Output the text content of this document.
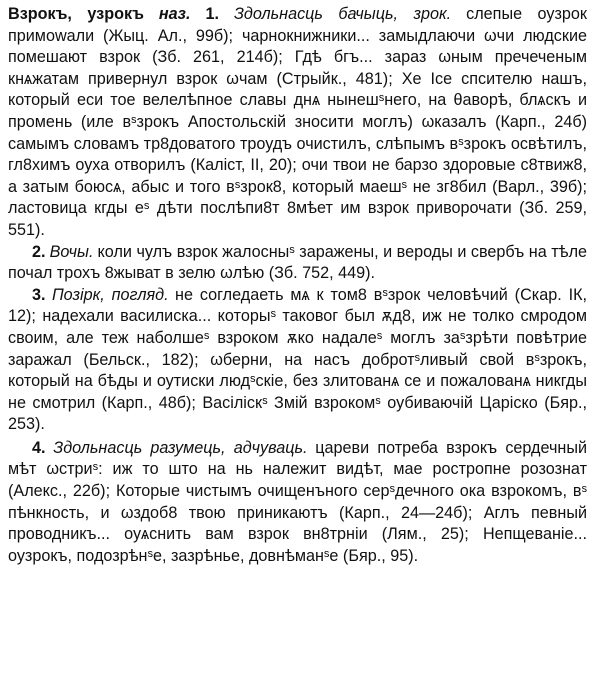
Взрокъ, узрокъ наз. 1. Здольнасць бачыць, зрок. слепые оузрок примowали (Жыц. Ал., 99б); чарнокнижники... замыдлaючи ωчи людские помешают взрок (Зб. 261, 214б); Гдѣ бгъ... зараз ωным пречеченым кнѧжатам привернул взрок ωчам (Стрыйк., 481); Хе Ісе спсителю нашъ, который еси тое велелѣпное славы днѧ нынешˢнего, на θаворѣ, блѧскъ и промень (иле вˢзрокъ Апостольскій зносити моглъ) ωказалъ (Карп., 24б) самымъ словамъ тр8доватого троудъ очистилъ, слѣпымъ вˢзрокъ освѣтилъ, гл8химъ оуха отворилъ (Каліст, II, 20); очи твои не барзо здоровые с8твиж8, а затым боюсѧ, абыс и того вˢзрок8, который маешˢ не зг8бил (Варл., 39б); ластовица кгды еˢ дѣти послѣпи8т 8мѣет им взрок приворочати (Зб. 259, 551).

2. Вочы. коли чулъ взрок жалосныˢ заражены, и вероды и свербъ на тѣле почал трохъ 8жыват в зелю ωлѣю (Зб. 752, 449).

3. Позірк, погляд. не согледаеть мѧ к том8 вˢзрок человѣчий (Скар. ІК, 12); надехали василиска... которыˢ таковог был ѫд8, иж не толко смродом своим, але теж наболшеˢ взроком ѫко надалеˢ моглъ заˢзрѣти повѣтрие заражал (Бельск., 182); ωберни, на насъ добротˢливый свой вˢзрокъ, который на бѣды и оутиски людˢскіе, без злитованѧ се и пожалованѧ никгды не смотрил (Карп., 48б); Васіліскˢ Змій взрокомˢ оубиваючій Царіско (Бяр., 253).

4. Здольнасць разумець, адчуваць. цареви потреба взрокъ сердечный мѣт ωстриˢ: иж то што на нь належит видѣт, мае рострoпне розознат (Алекс., 22б); Которые чистымъ очищенъного серˢдечного ока взрокомъ, вˢ пѣнкность, и ωздоб8 твою приникаютъ (Карп., 24—24б); Аглъ певный проводникъ... оуѧснить вам взрок вн8трніи (Лям., 25); Непщеваніе... оузрокъ, подозрѣнˢе, зазрѣнье, довнѣманˢе (Бяр., 95).
